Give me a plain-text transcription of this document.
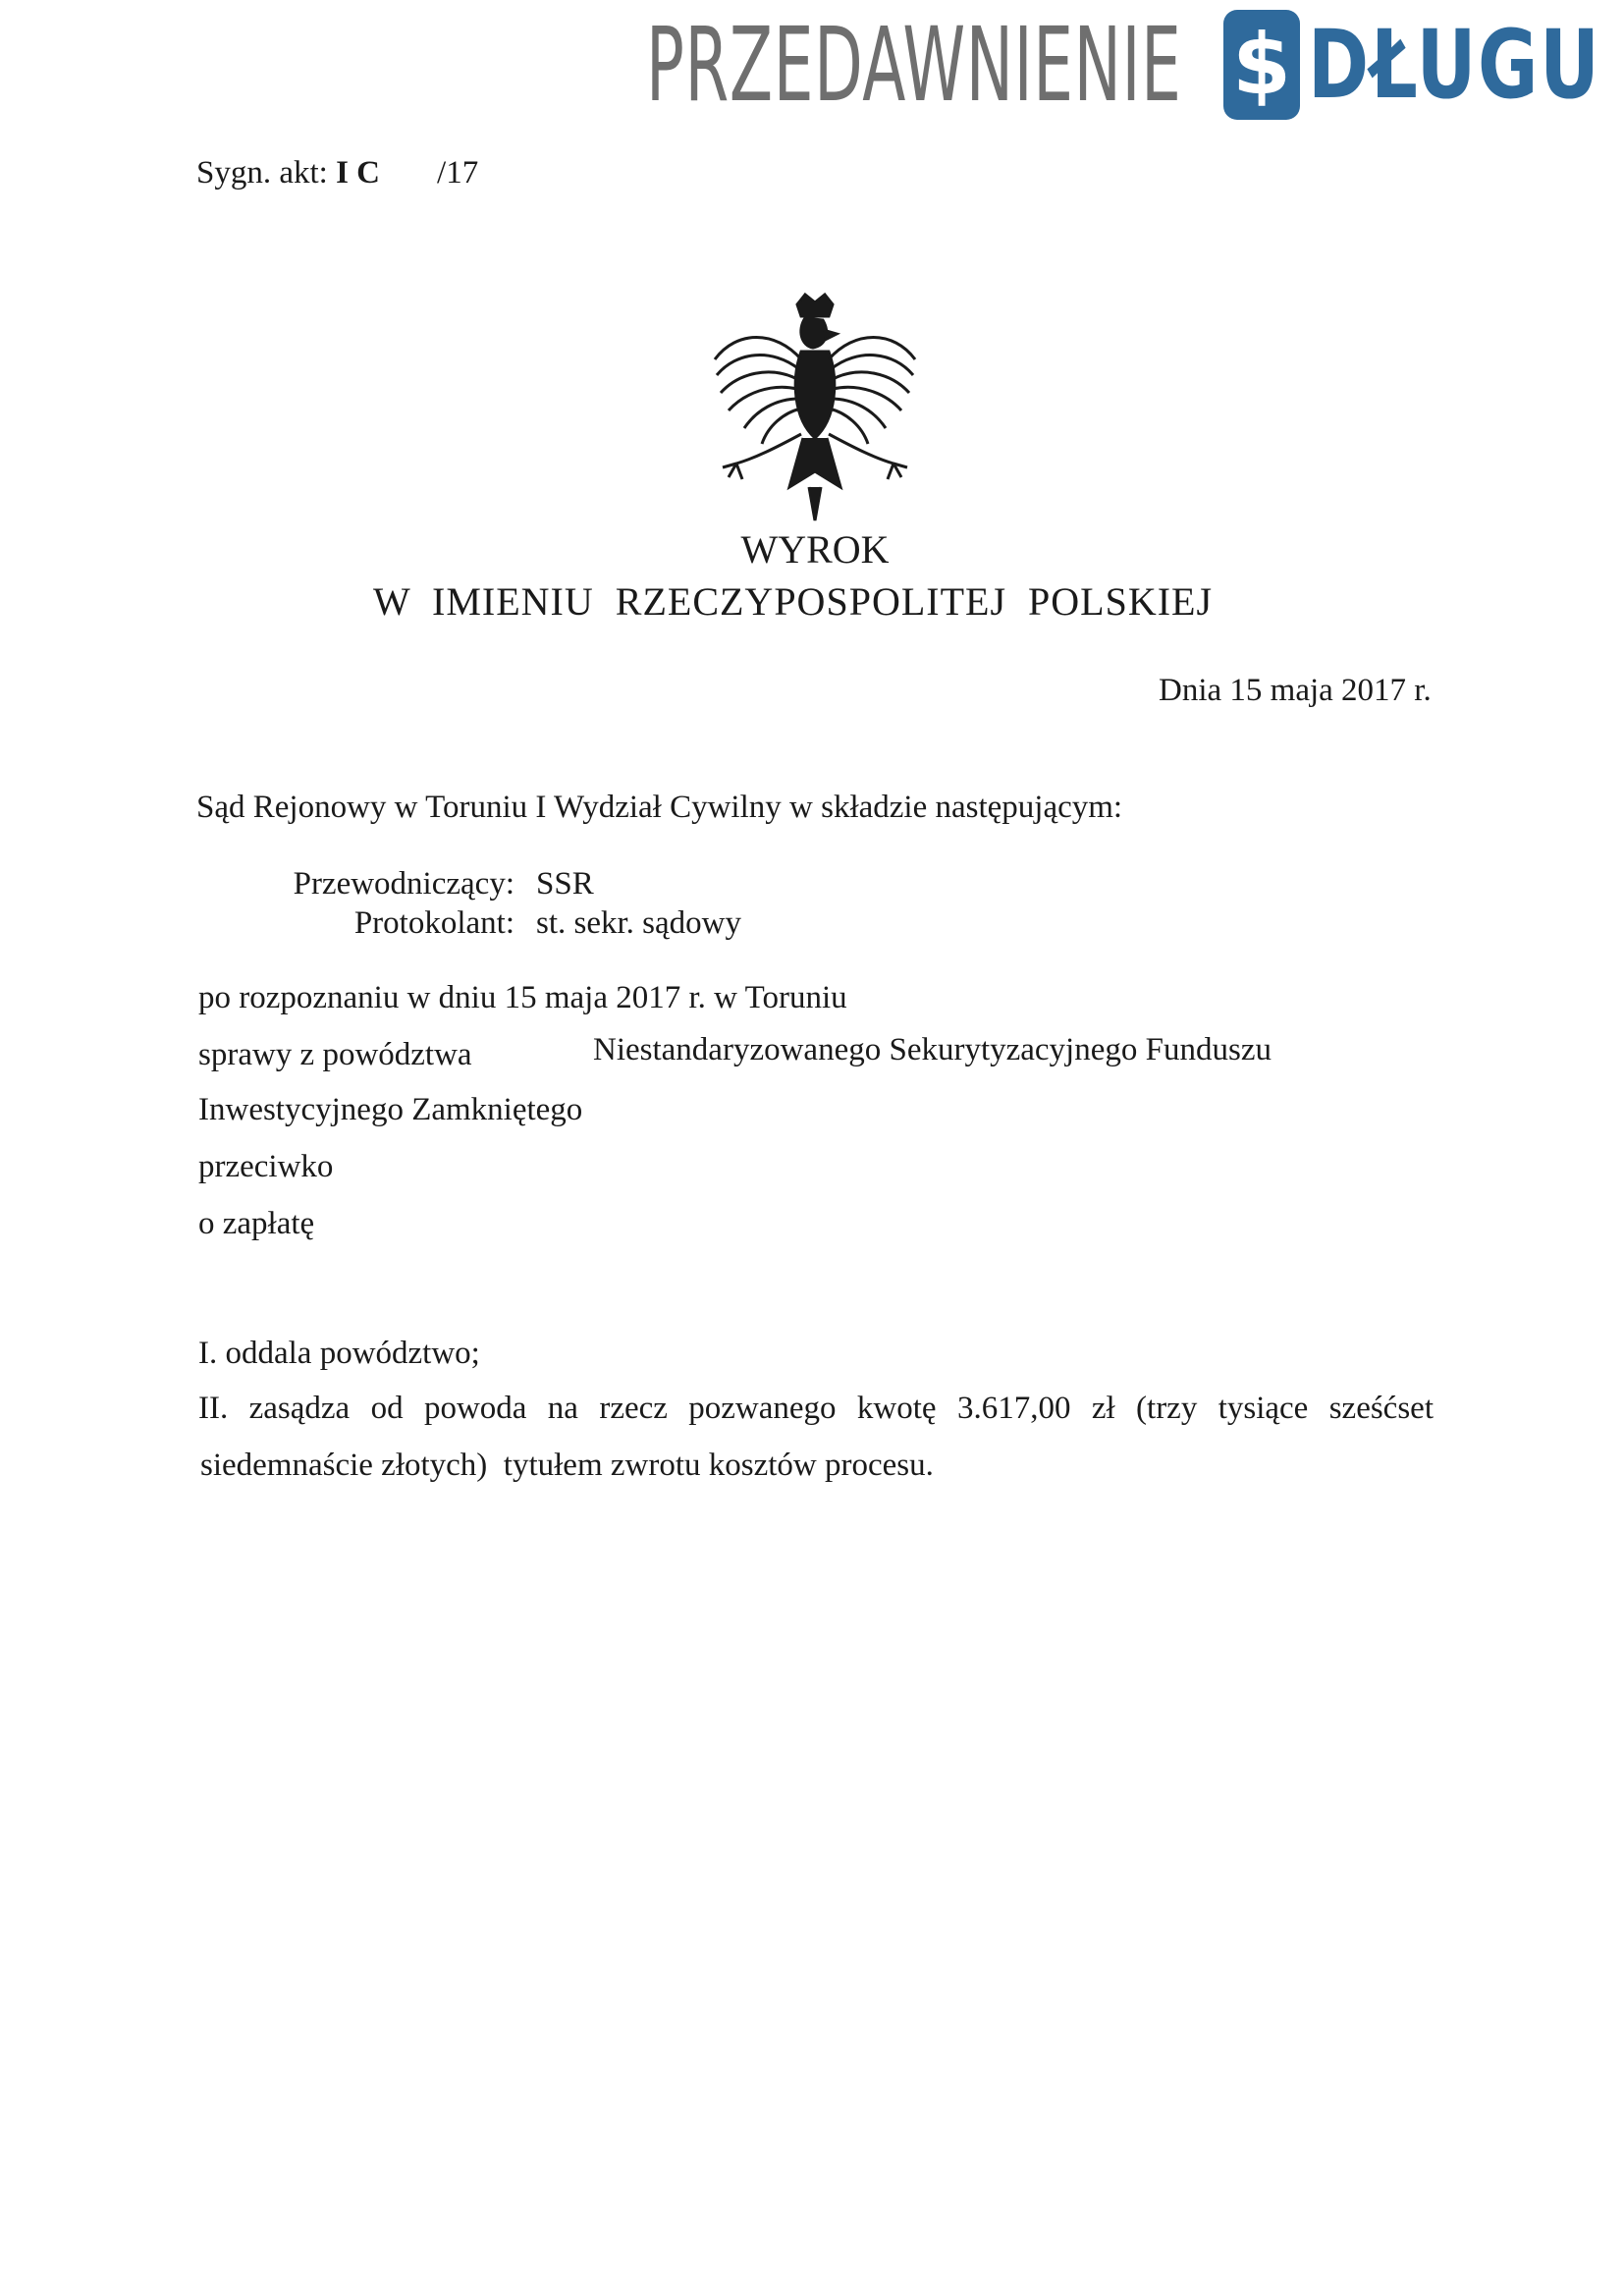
PRZEDAWNIENIE $ DŁUGU
Sygn. akt: I C /17
WYROK
W  IMIENIU  RZECZYPOSPOLITEJ  POLSKIEJ
Dnia 15 maja 2017 r.
Sąd Rejonowy w Toruniu I Wydział Cywilny w składzie następującym:
Przewodniczący: SSR
Protokolant: st. sekr. sądowy
po rozpoznaniu w dniu 15 maja 2017 r. w Toruniu
sprawy z powództwa	Niestandaryzowanego Sekurytyzacyjnego Funduszu
Inwestycyjnego Zamkniętego
przeciwko
o zapłatę
I. oddala powództwo;
II. zasądza od powoda na rzecz pozwanego kwotę 3.617,00 zł (trzy tysiące sześćset
siedemnaście złotych)  tytułem zwrotu kosztów procesu.
